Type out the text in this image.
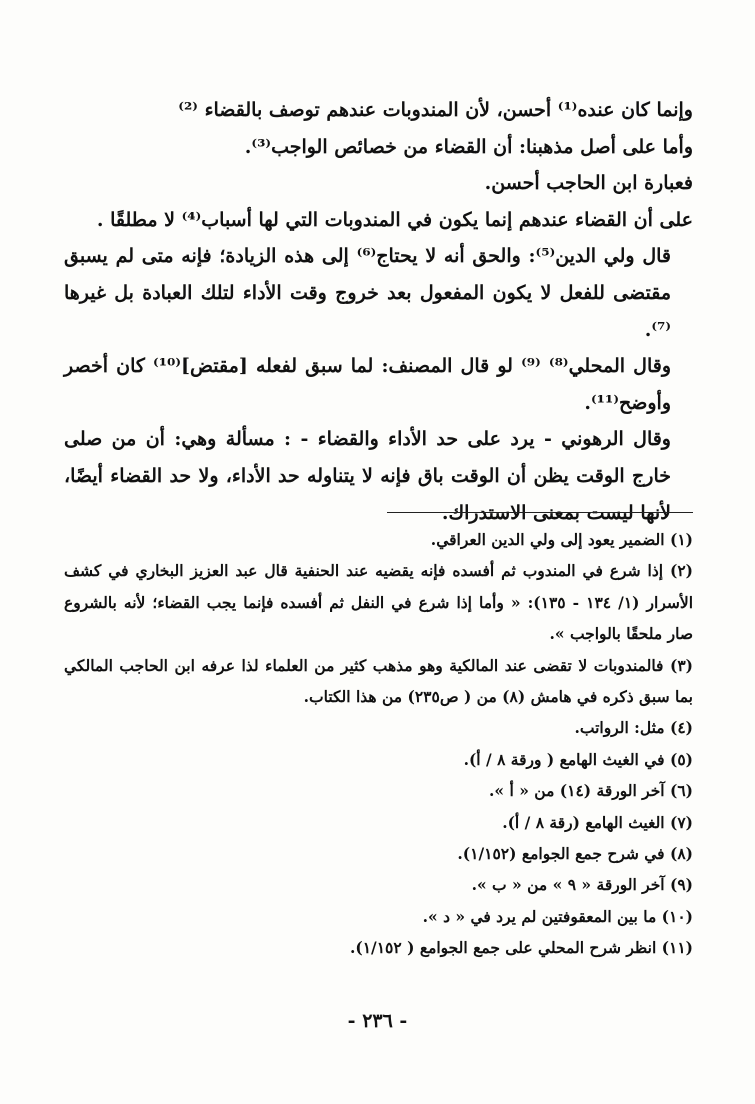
وإنما كان عنده⁽¹⁾ أحسن، لأن المندوبات عندهم توصف بالقضاء ⁽²⁾

وأما على أصل مذهبنا: أن القضاء من خصائص الواجب⁽³⁾.

فعبارة ابن الحاجب أحسن.

على أن القضاء عندهم إنما يكون في المندوبات التي لها أسباب⁽⁴⁾ لا مطلقًا .

قال ولي الدين⁽⁵⁾: والحق أنه لا يحتاج⁽⁶⁾ إلى هذه الزيادة؛ فإنه متى لم يسبق مقتضى للفعل لا يكون المفعول بعد خروج وقت الأداء لتلك العبادة بل غيرها ⁽⁷⁾.

وقال المحلي⁽⁸⁾ ⁽⁹⁾ لو قال المصنف: لما سبق لفعله [مقتض]⁽¹⁰⁾ كان أخصر وأوضح⁽¹¹⁾.

وقال الرهوني - يرد على حد الأداء والقضاء - : مسألة وهي: أن من صلى خارج الوقت يظن أن الوقت باق فإنه لا يتناوله حد الأداء، ولا حد القضاء أيضًا، لأنها ليست بمعنى الاستدراك.

(١) الضمير يعود إلى ولي الدين العراقي.

(٢) إذا شرع في المندوب ثم أفسده فإنه يقضيه عند الحنفية قال عبد العزيز البخاري في كشف الأسرار (١/ ١٣٤ - ١٣٥): « وأما إذا شرع في النفل ثم أفسده فإنما يجب القضاء؛ لأنه بالشروع صار ملحقًا بالواجب ».

(٣) فالمندوبات لا تقضى عند المالكية وهو مذهب كثير من العلماء لذا عرفه ابن الحاجب المالكي بما سبق ذكره في هامش (٨) من ( ص٢٣٥) من هذا الكتاب.

(٤) مثل: الرواتب.

(٥) في الغيث الهامع ( ورقة ٨ / أ).

(٦) آخر الورقة (١٤) من « أ ».

(٧) الغيث الهامع (رقة ٨ / أ).

(٨) في شرح جمع الجوامع (١/١٥٢).

(٩) آخر الورقة « ٩ » من « ب ».

(١٠) ما بين المعقوفتين لم يرد في « د ».

(١١) انظر شرح المحلي على جمع الجوامع ( ١/١٥٢).

- ٢٣٦ -
